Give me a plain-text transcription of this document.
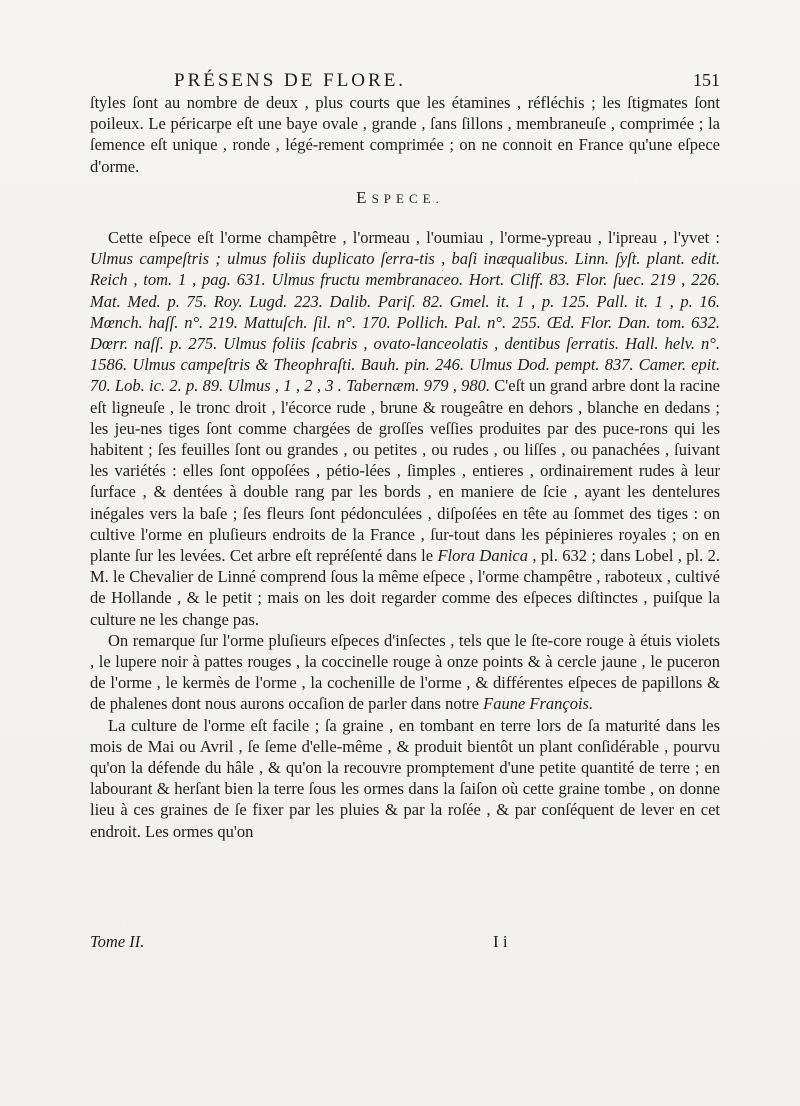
PRÉSENS DE FLORE.	151

ſtyles ſont au nombre de deux , plus courts que les étamines , réfléchis ; les ſtigmates ſont poileux. Le péricarpe eſt une baye ovale , grande , ſans ſillons , membraneuſe , comprimée ; la ſemence eſt unique , ronde , légé-rement comprimée ; on ne connoit en France qu'une eſpece d'orme.

ESPECE.

Cette eſpece eſt l'orme champêtre , l'ormeau , l'oumiau , l'orme-ypreau , l'ipreau , l'yvet : Ulmus campeſtris ; ulmus foliis duplicato ſerra-tis , baſi inæqualibus. Linn. ſyſt. plant. edit. Reich , tom. 1 , pag. 631. Ulmus fructu membranaceo. Hort. Cliff. 83. Flor. ſuec. 219 , 226. Mat. Med. p. 75. Roy. Lugd. 223. Dalib. Pariſ. 82. Gmel. it. 1 , p. 125. Pall. it. 1 , p. 16. Mœnch. haſſ. n°. 219. Mattuſch. ſil. n°. 170. Pollich. Pal. n°. 255. Œd. Flor. Dan. tom. 632. Dœrr. naſſ. p. 275. Ulmus foliis ſcabris , ovato-lanceolatis , dentibus ſerratis. Hall. helv. n°. 1586. Ulmus campeſtris & Theophraſti. Bauh. pin. 246. Ulmus Dod. pempt. 837. Camer. epit. 70. Lob. ic. 2. p. 89. Ulmus , 1 , 2 , 3 . Tabernæm. 979 , 980. C'eſt un grand arbre dont la racine eſt ligneuſe , le tronc droit , l'écorce rude , brune & rougeâtre en dehors , blanche en dedans ; les jeu-nes tiges ſont comme chargées de groſſes veſſies produites par des puce-rons qui les habitent ; ſes feuilles ſont ou grandes , ou petites , ou rudes , ou liſſes , ou panachées , ſuivant les variétés : elles ſont oppoſées , pétio-lées , ſimples , entieres , ordinairement rudes à leur ſurface , & dentées à double rang par les bords , en maniere de ſcie , ayant les dentelures inégales vers la baſe ; ſes fleurs ſont pédonculées , diſpoſées en tête au ſommet des tiges : on cultive l'orme en pluſieurs endroits de la France , ſur-tout dans les pépinieres royales ; on en plante ſur les levées. Cet arbre eſt repréſenté dans le Flora Danica , pl. 632 ; dans Lobel , pl. 2. M. le Chevalier de Linné comprend ſous la même eſpece , l'orme champêtre , raboteux , cultivé de Hollande , & le petit ; mais on les doit regarder comme des eſpeces diſtinctes , puiſque la culture ne les change pas.

On remarque ſur l'orme pluſieurs eſpeces d'inſectes , tels que le ſte-core rouge à étuis violets , le lupere noir à pattes rouges , la coccinelle rouge à onze points & à cercle jaune , le puceron de l'orme , le kermès de l'orme , la cochenille de l'orme , & différentes eſpeces de papillons & de phalenes dont nous aurons occaſion de parler dans notre Faune François.

La culture de l'orme eſt facile ; ſa graine , en tombant en terre lors de ſa maturité dans les mois de Mai ou Avril , ſe ſeme d'elle-même , & produit bientôt un plant conſidérable , pourvu qu'on la défende du hâle , & qu'on la recouvre promptement d'une petite quantité de terre ; en labourant & herſant bien la terre ſous les ormes dans la ſaiſon où cette graine tombe , on donne lieu à ces graines de ſe fixer par les pluies & par la roſée , & par conſéquent de lever en cet endroit. Les ormes qu'on

Tome II.	I i
